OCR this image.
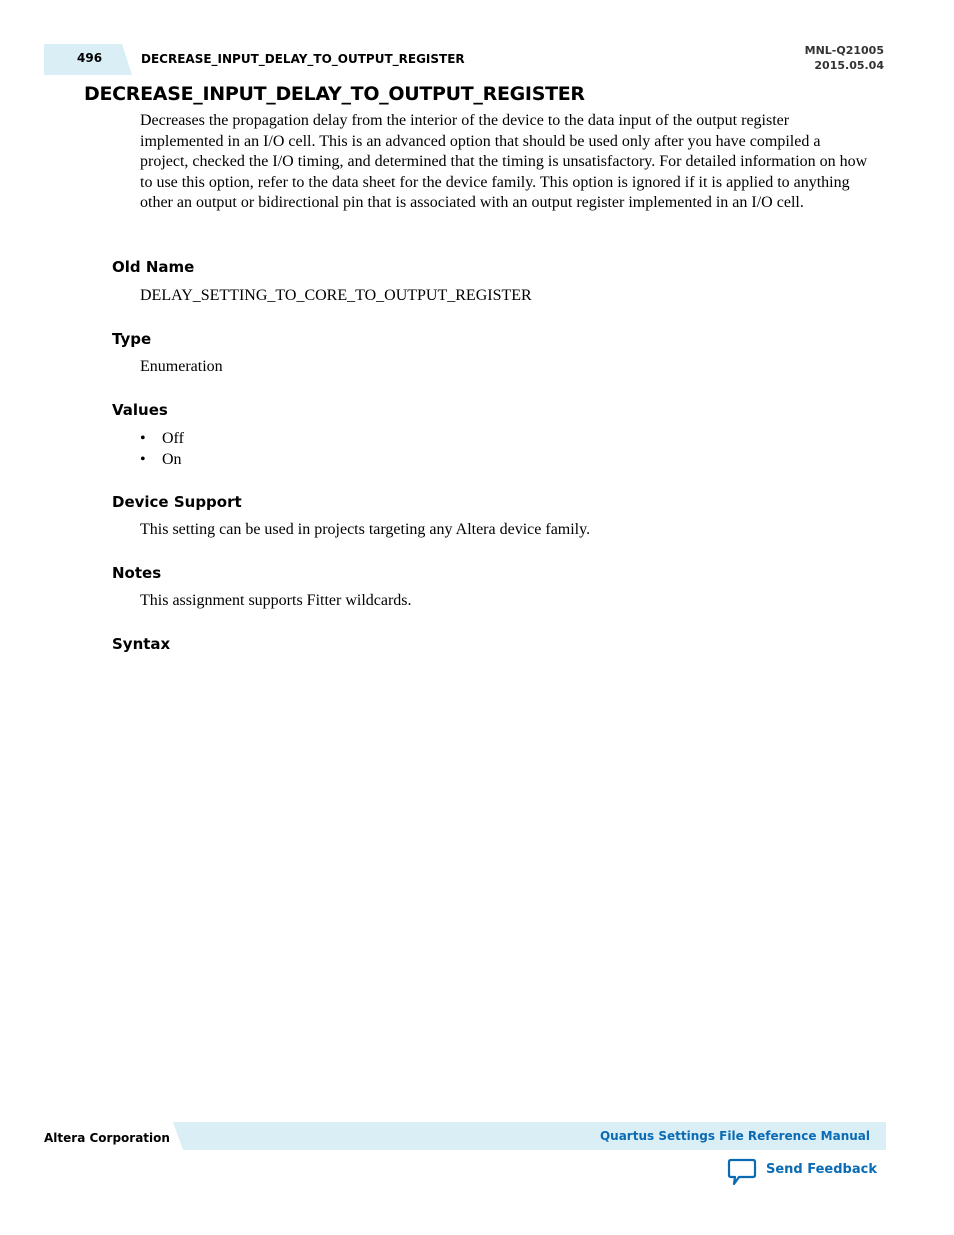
496	DECREASE_INPUT_DELAY_TO_OUTPUT_REGISTER
MNL-Q21005
2015.05.04
DECREASE_INPUT_DELAY_TO_OUTPUT_REGISTER

Decreases the propagation delay from the interior of the device to the data input of the output register implemented in an I/O cell. This is an advanced option that should be used only after you have compiled a project, checked the I/O timing, and determined that the timing is unsatisfactory. For detailed information on how to use this option, refer to the data sheet for the device family. This option is ignored if it is applied to anything other an output or bidirectional pin that is associated with an output register implemented in an I/O cell.

Old Name

DELAY_SETTING_TO_CORE_TO_OUTPUT_REGISTER

Type

Enumeration

Values
• Off
• On
Device Support

This setting can be used in projects targeting any Altera device family.

Notes

This assignment supports Fitter wildcards.

Syntax
Altera Corporation	Quartus Settings File Reference Manual
Send Feedback
